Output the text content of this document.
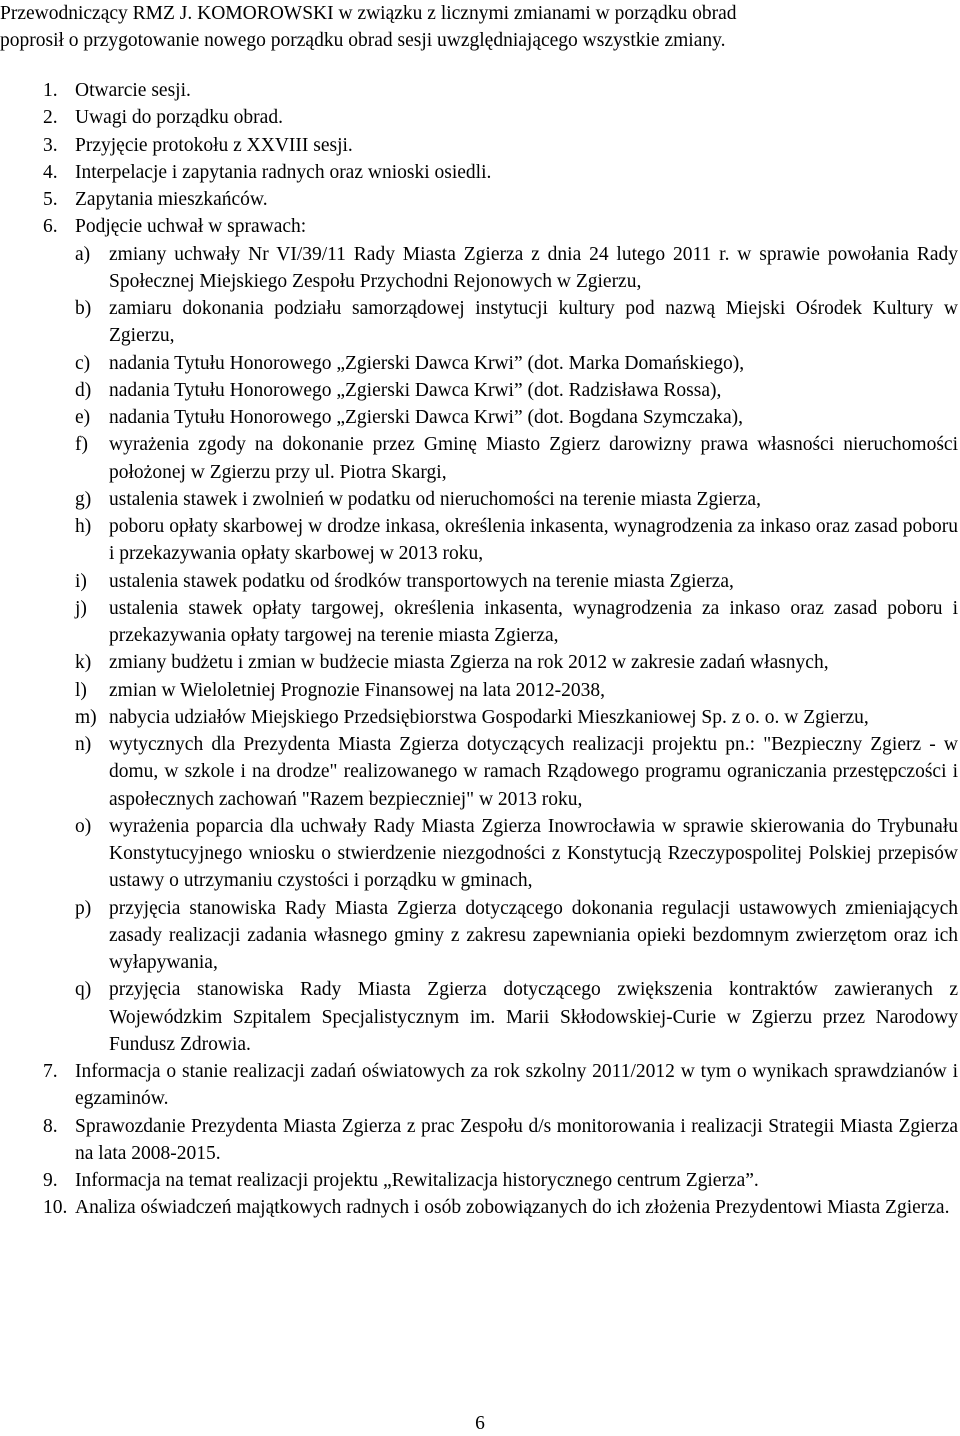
Przewodniczący RMZ J. KOMOROWSKI w związku z licznymi zmianami w porządku obrad
poprosił o przygotowanie nowego porządku obrad sesji uwzględniającego wszystkie zmiany.
1. Otwarcie sesji.
2. Uwagi do porządku obrad.
3. Przyjęcie protokołu z XXVIII sesji.
4. Interpelacje i zapytania radnych oraz wnioski osiedli.
5. Zapytania mieszkańców.
6. Podjęcie uchwał w sprawach:
a) zmiany uchwały Nr VI/39/11 Rady Miasta Zgierza z dnia 24 lutego 2011 r. w sprawie powołania Rady Społecznej Miejskiego Zespołu Przychodni Rejonowych w Zgierzu,
b) zamiaru dokonania podziału samorządowej instytucji kultury pod nazwą Miejski Ośrodek Kultury w Zgierzu,
c) nadania Tytułu Honorowego „Zgierski Dawca Krwi” (dot. Marka Domańskiego),
d) nadania Tytułu Honorowego „Zgierski Dawca Krwi” (dot. Radzisława Rossa),
e) nadania Tytułu Honorowego „Zgierski Dawca Krwi” (dot. Bogdana Szymczaka),
f)	wyrażenia zgody na dokonanie przez Gminę Miasto Zgierz darowizny prawa własności nieruchomości położonej w Zgierzu przy ul. Piotra Skargi,
g) ustalenia stawek i zwolnień w podatku od nieruchomości na terenie miasta Zgierza,
h) poboru opłaty skarbowej w drodze inkasa, określenia inkasenta, wynagrodzenia za inkaso oraz zasad poboru i przekazywania opłaty skarbowej w 2013 roku,
i)	ustalenia stawek podatku od środków transportowych na terenie miasta Zgierza,
j)	ustalenia stawek opłaty targowej, określenia inkasenta, wynagrodzenia za inkaso oraz zasad poboru i przekazywania opłaty targowej na terenie miasta Zgierza,
k) zmiany budżetu i zmian w budżecie miasta Zgierza na rok 2012 w zakresie zadań własnych,
l)	zmian w Wieloletniej Prognozie Finansowej na lata 2012-2038,
m) nabycia udziałów Miejskiego Przedsiębiorstwa Gospodarki Mieszkaniowej Sp. z o. o. w Zgierzu,
n) wytycznych dla Prezydenta Miasta Zgierza dotyczących realizacji projektu pn.: "Bezpieczny Zgierz - w domu, w szkole i na drodze" realizowanego w ramach Rządowego programu ograniczania przestępczości i aspołecznych zachowań "Razem bezpieczniej" w 2013 roku,
o) wyrażenia poparcia dla uchwały Rady Miasta Zgierza Inowrocławia w sprawie skierowania do Trybunału Konstytucyjnego wniosku o stwierdzenie niezgodności z Konstytucją Rzeczypospolitej Polskiej przepisów ustawy o utrzymaniu czystości i porządku w gminach,
p) przyjęcia stanowiska Rady Miasta Zgierza dotyczącego dokonania regulacji ustawowych zmieniających zasady realizacji zadania własnego gminy z zakresu zapewniania opieki bezdomnym zwierzętom oraz ich wyłapywania,
q) przyjęcia stanowiska Rady Miasta Zgierza dotyczącego zwiększenia kontraktów zawieranych z Wojewódzkim Szpitalem Specjalistycznym im. Marii Skłodowskiej-Curie w Zgierzu przez Narodowy Fundusz Zdrowia.
7. Informacja o stanie realizacji zadań oświatowych za rok szkolny 2011/2012 w tym o wynikach sprawdzianów i egzaminów.
8. Sprawozdanie Prezydenta Miasta Zgierza z prac Zespołu d/s monitorowania i realizacji Strategii Miasta Zgierza na lata 2008-2015.
9. Informacja na temat realizacji projektu „Rewitalizacja historycznego centrum Zgierza”.
10. Analiza oświadczeń majątkowych radnych i osób zobowiązanych do ich złożenia Prezydentowi Miasta Zgierza.
6
